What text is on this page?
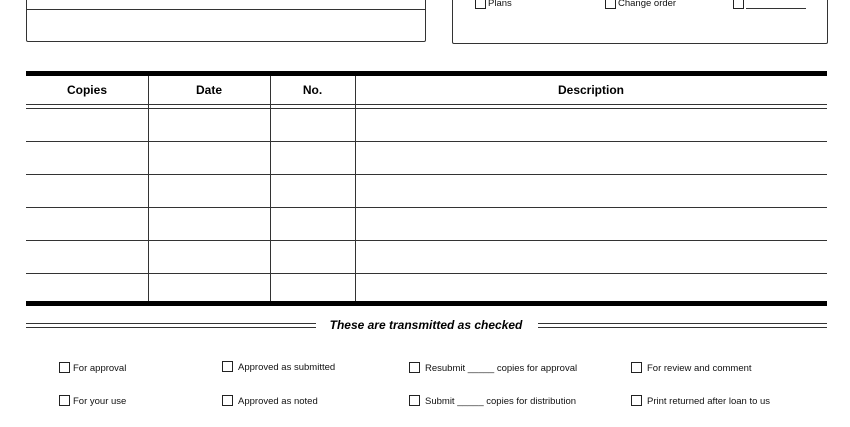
Plans	Change order
Copies	Date	No.	Description
These are transmitted as checked
For approval	Approved as submitted	Resubmit _____ copies for approval	For review and comment
For your use	Approved as noted	Submit _____ copies for distribution	Print returned after loan to us
